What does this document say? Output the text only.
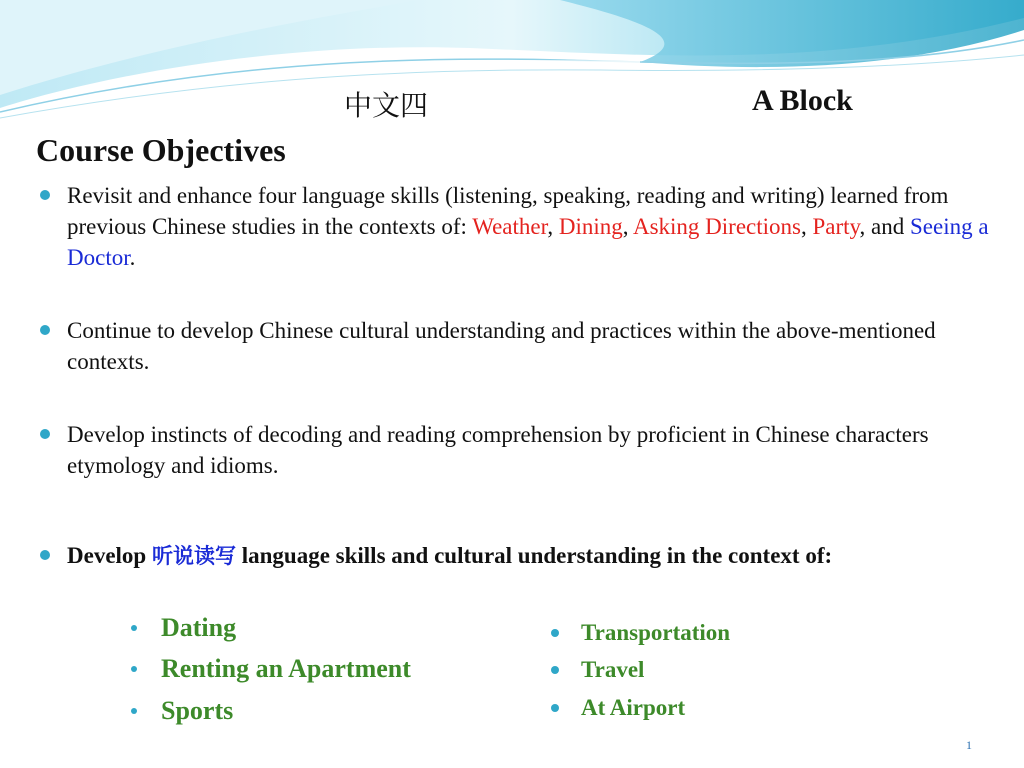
中文四	A Block
Course Objectives
Revisit and enhance four language skills (listening, speaking, reading and writing) learned from previous Chinese studies in the contexts of: Weather, Dining, Asking Directions, Party, and Seeing a Doctor.
Continue to develop Chinese cultural understanding and practices within the above-mentioned contexts.
Develop instincts of decoding and reading comprehension by proficient in Chinese characters etymology and idioms.
Develop 听说读写 language skills and cultural understanding in the context of:
Dating
Renting an Apartment
Sports
Transportation
Travel
At Airport
1
